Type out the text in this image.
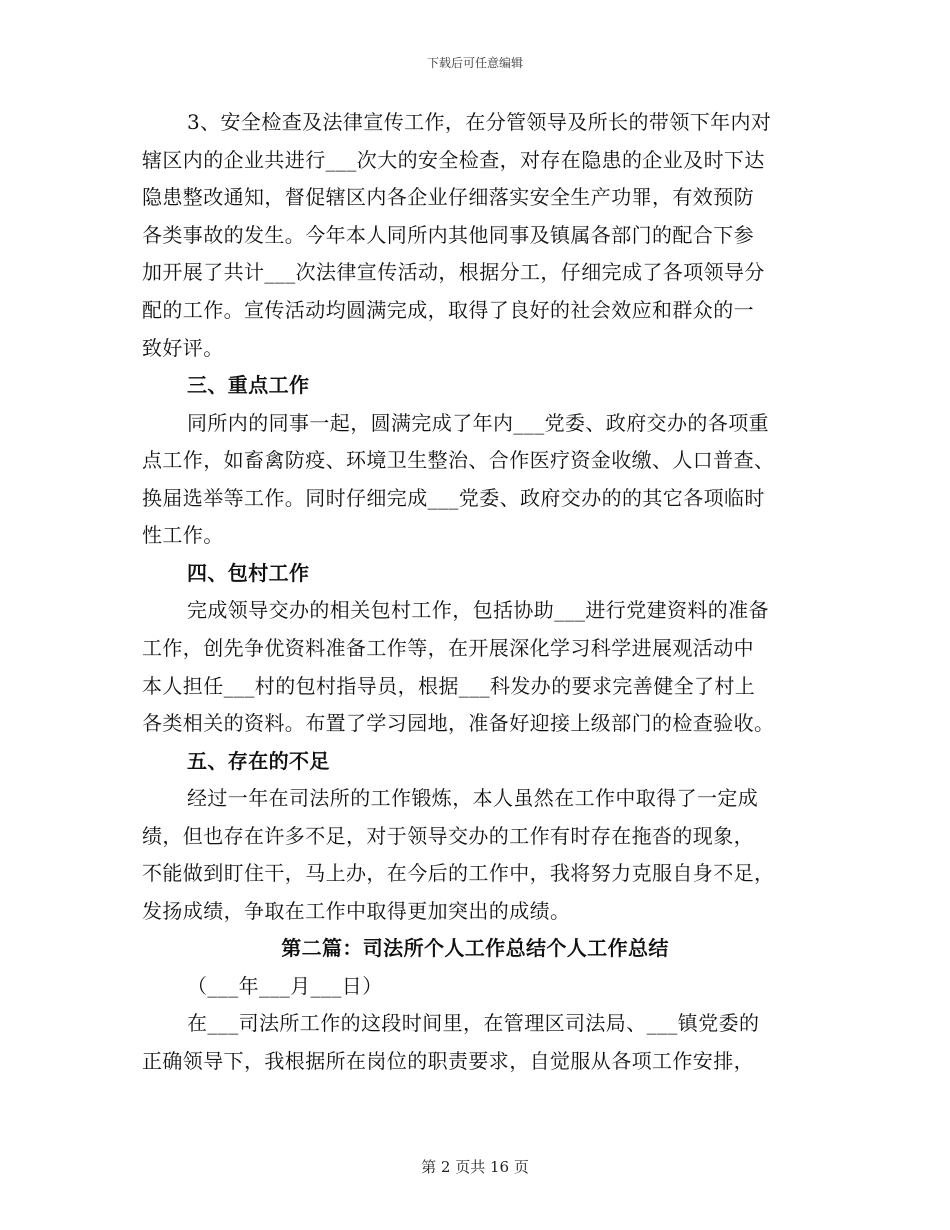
下载后可任意编辑
3、安全检查及法律宣传工作，在分管领导及所长的带领下年内对
辖区内的企业共进行___次大的安全检查，对存在隐患的企业及时下达
隐患整改通知，督促辖区内各企业仔细落实安全生产功罪，有效预防
各类事故的发生。今年本人同所内其他同事及镇属各部门的配合下参
加开展了共计___次法律宣传活动，根据分工，仔细完成了各项领导分
配的工作。宣传活动均圆满完成，取得了良好的社会效应和群众的一
致好评。
三、重点工作
同所内的同事一起，圆满完成了年内___党委、政府交办的各项重
点工作，如畜禽防疫、环境卫生整治、合作医疗资金收缴、人口普查、
换届选举等工作。同时仔细完成___党委、政府交办的的其它各项临时
性工作。
四、包村工作
完成领导交办的相关包村工作，包括协助___进行党建资料的准备
工作，创先争优资料准备工作等，在开展深化学习科学进展观活动中
本人担任___村的包村指导员，根据___科发办的要求完善健全了村上
各类相关的资料。布置了学习园地，准备好迎接上级部门的检查验收。
五、存在的不足
经过一年在司法所的工作锻炼，本人虽然在工作中取得了一定成
绩，但也存在许多不足，对于领导交办的工作有时存在拖沓的现象，
不能做到盯住干，马上办，在今后的工作中，我将努力克服自身不足，
发扬成绩，争取在工作中取得更加突出的成绩。
第二篇：司法所个人工作总结个人工作总结
（___年___月___日）
在___司法所工作的这段时间里，在管理区司法局、___镇党委的
正确领导下，我根据所在岗位的职责要求，自觉服从各项工作安排，
第 2 页共 16 页
